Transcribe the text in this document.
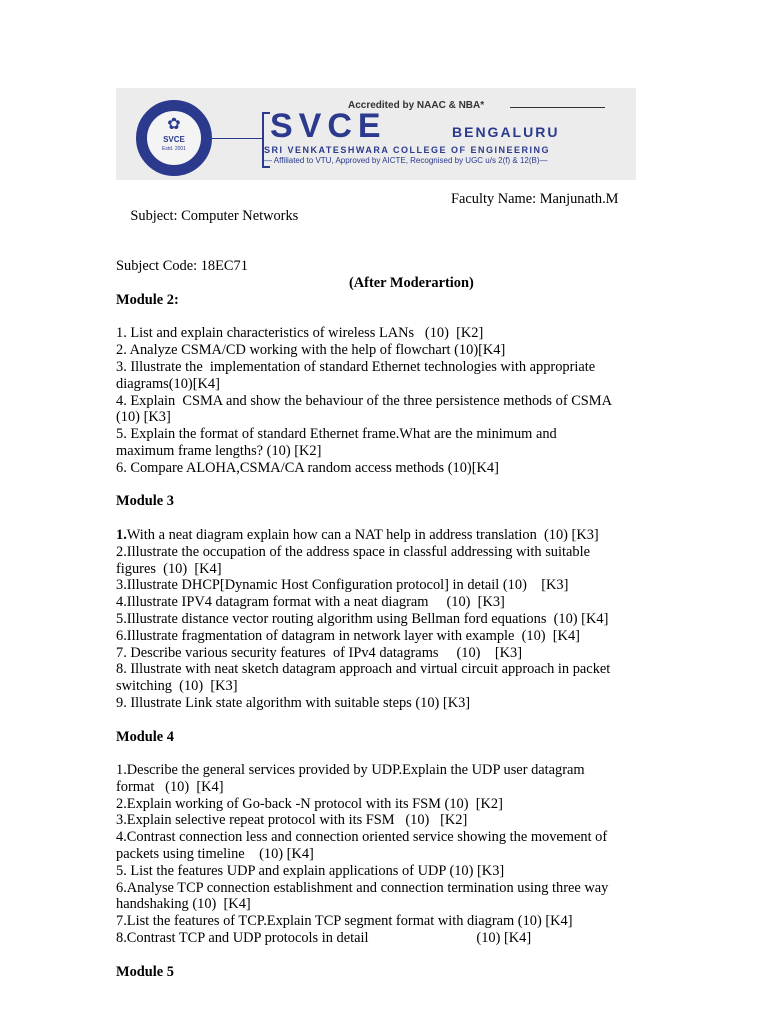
✿
SVCE
Estd. 2001
Accredited by NAAC & NBA*
SVCE	BENGALURU
SRI VENKATESHWARA COLLEGE OF ENGINEERING
— Affiliated to VTU, Approved by AICTE, Recognised by UGC u/s 2(f) & 12(B)—

Subject: Computer Networks

Faculty Name: Manjunath.M

Subject Code: 18EC71
(After Moderartion)
Module 2:
1. List and explain characteristics of wireless LANs   (10)  [K2]
2. Analyze CSMA/CD working with the help of flowchart (10)[K4]
3. Illustrate the  implementation of standard Ethernet technologies with appropriate
diagrams(10)[K4]
4. Explain  CSMA and show the behaviour of the three persistence methods of CSMA
(10) [K3]
5. Explain the format of standard Ethernet frame.What are the minimum and
maximum frame lengths? (10) [K2]
6. Compare ALOHA,CSMA/CA random access methods (10)[K4]
Module 3
1.With a neat diagram explain how can a NAT help in address translation  (10) [K3]
2.Illustrate the occupation of the address space in classful addressing with suitable
figures  (10)  [K4]
3.Illustrate DHCP[Dynamic Host Configuration protocol] in detail (10)    [K3]
4.Illustrate IPV4 datagram format with a neat diagram     (10)  [K3]
5.Illustrate distance vector routing algorithm using Bellman ford equations  (10) [K4]
6.Illustrate fragmentation of datagram in network layer with example  (10)  [K4]
7. Describe various security features  of IPv4 datagrams     (10)    [K3]
8. Illustrate with neat sketch datagram approach and virtual circuit approach in packet
switching  (10)  [K3]
9. Illustrate Link state algorithm with suitable steps (10) [K3]
Module 4
1.Describe the general services provided by UDP.Explain the UDP user datagram
format   (10)  [K4]
2.Explain working of Go-back -N protocol with its FSM (10)  [K2]
3.Explain selective repeat protocol with its FSM   (10)   [K2]
4.Contrast connection less and connection oriented service showing the movement of
packets using timeline    (10) [K4]
5. List the features UDP and explain applications of UDP (10) [K3]
6.Analyse TCP connection establishment and connection termination using three way
handshaking (10)  [K4]
7.List the features of TCP.Explain TCP segment format with diagram (10) [K4]
8.Contrast TCP and UDP protocols in detail                              (10) [K4]
Module 5
